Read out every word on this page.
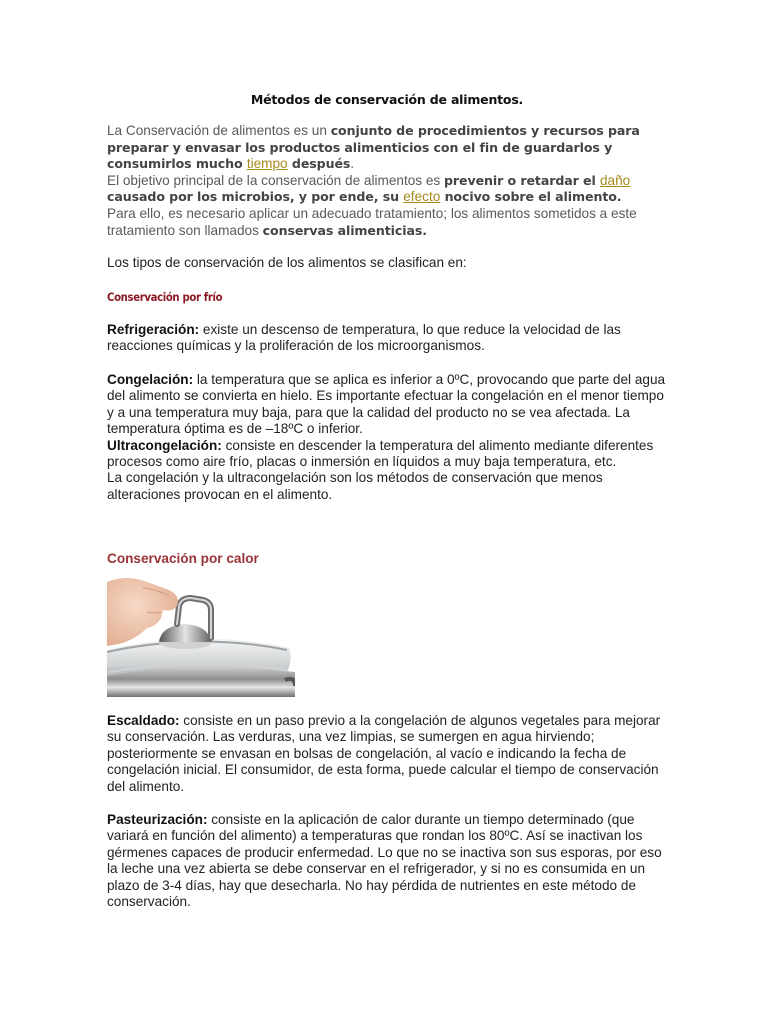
Métodos de conservación de alimentos.
La Conservación de alimentos es un conjunto de procedimientos y recursos para preparar y envasar los productos alimenticios con el fin de guardarlos y consumirlos mucho tiempo después.
El objetivo principal de la conservación de alimentos es prevenir o retardar el daño causado por los microbios, y por ende, su efecto nocivo sobre el alimento. Para ello, es necesario aplicar un adecuado tratamiento; los alimentos sometidos a este tratamiento son llamados conservas alimenticias.

Los tipos de conservación de los alimentos se clasifican en:

Conservación por frío

Refrigeración: existe un descenso de temperatura, lo que reduce la velocidad de las reacciones químicas y la proliferación de los microorganismos.

Congelación: la temperatura que se aplica es inferior a 0ºC, provocando que parte del agua del alimento se convierta en hielo. Es importante efectuar la congelación en el menor tiempo y a una temperatura muy baja, para que la calidad del producto no se vea afectada. La temperatura óptima es de –18ºC o inferior.
Ultracongelación: consiste en descender la temperatura del alimento mediante diferentes procesos como aire frío, placas o inmersión en líquidos a muy baja temperatura, etc.
La congelación y la ultracongelación son los métodos de conservación que menos alteraciones provocan en el alimento.
Conservación por calor

Escaldado: consiste en un paso previo a la congelación de algunos vegetales para mejorar su conservación. Las verduras, una vez limpias, se sumergen en agua hirviendo; posteriormente se envasan en bolsas de congelación, al vacío e indicando la fecha de congelación inicial. El consumidor, de esta forma, puede calcular el tiempo de conservación del alimento.

Pasteurización: consiste en la aplicación de calor durante un tiempo determinado (que variará en función del alimento) a temperaturas que rondan los 80ºC. Así se inactivan los gérmenes capaces de producir enfermedad. Lo que no se inactiva son sus esporas, por eso la leche una vez abierta se debe conservar en el refrigerador, y si no es consumida en un plazo de 3-4 días, hay que desecharla. No hay pérdida de nutrientes en este método de conservación.
